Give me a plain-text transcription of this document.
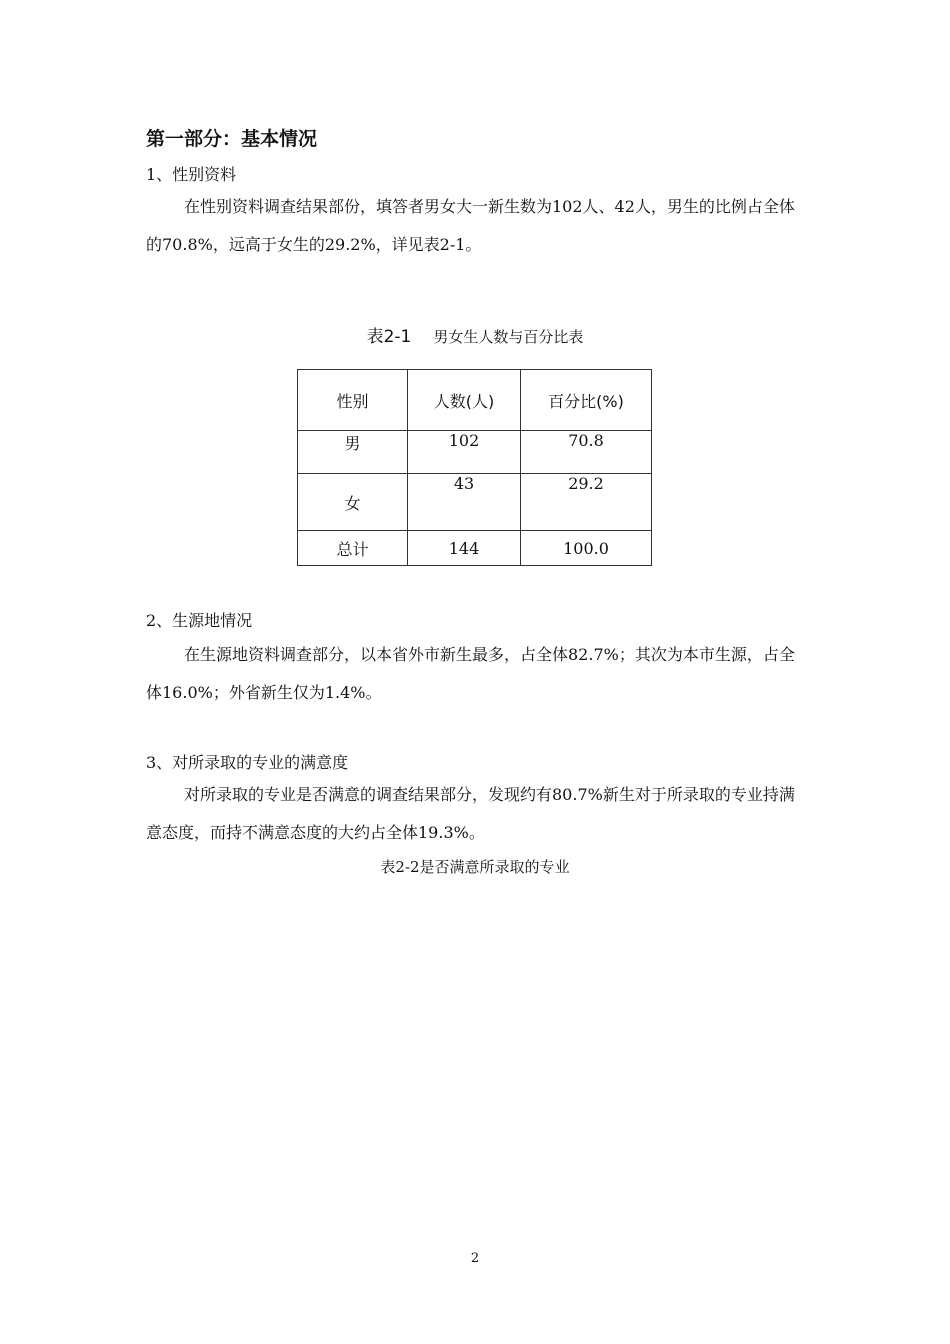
第一部分：基本情况
1、性别资料
在性别资料调查结果部份，填答者男女大一新生数为102人、42人，男生的比例占全体的70.8%，远高于女生的29.2%，详见表2-1。
表2-1 男女生人数与百分比表
性别	人数(人)	百分比(%)
男	102	70.8
女	43	29.2
总计	144	100.0
2、生源地情况
在生源地资料调查部分，以本省外市新生最多，占全体82.7%；其次为本市生源，占全体16.0%；外省新生仅为1.4%。
3、对所录取的专业的满意度
对所录取的专业是否满意的调查结果部分，发现约有80.7%新生对于所录取的专业持满意态度，而持不满意态度的大约占全体19.3%。
表2-2是否满意所录取的专业
2
